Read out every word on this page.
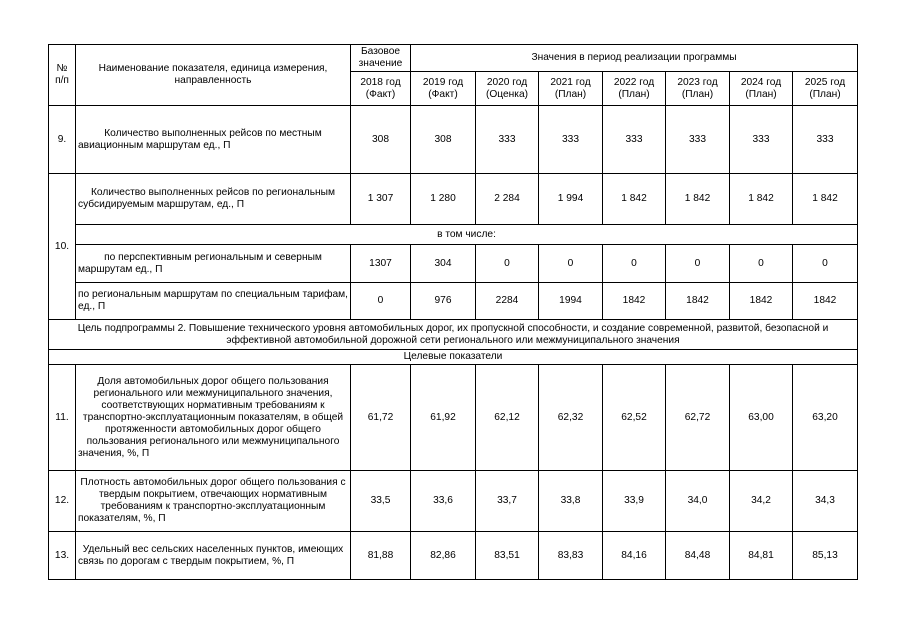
№ п/п	Наименование показателя, единица измерения, направленность	Базовое значение	Значения в период реализации программы						
		2018 год (Факт)	2019 год (Факт)	2020 год (Оценка)	2021 год (План)	2022 год (План)	2023 год (План)	2024 год (План)	2025 год (План)
9.	Количество выполненных рейсов по местным авиационным маршрутам ед., П	308	308	333	333	333	333	333	333
10.	Количество выполненных рейсов по региональным субсидируемым маршрутам, ед., П	1 307	1 280	2 284	1 994	1 842	1 842	1 842	1 842
	в том числе:								
	по перспективным региональным и северным маршрутам ед., П	1307	304	0	0	0	0	0	0
	по региональным маршрутам по специальным тарифам, ед., П	0	976	2284	1994	1842	1842	1842	1842
Цель подпрограммы 2. Повышение технического уровня автомобильных дорог, их пропускной способности, и создание современной, развитой, безопасной и эффективной автомобильной дорожной сети регионального или межмуниципального значения									
Целевые показатели									
11.	Доля автомобильных дорог общего пользования регионального или межмуниципального значения, соответствующих нормативным требованиям к транспортно-эксплуатационным показателям, в общей протяженности автомобильных дорог общего пользования регионального или межмуниципального значения, %, П	61,72	61,92	62,12	62,32	62,52	62,72	63,00	63,20
12.	Плотность автомобильных дорог общего пользования с твердым покрытием, отвечающих нормативным требованиям к транспортно-эксплуатационным показателям, %, П	33,5	33,6	33,7	33,8	33,9	34,0	34,2	34,3
13.	Удельный вес сельских населенных пунктов, имеющих связь по дорогам с твердым покрытием, %, П	81,88	82,86	83,51	83,83	84,16	84,48	84,81	85,13
